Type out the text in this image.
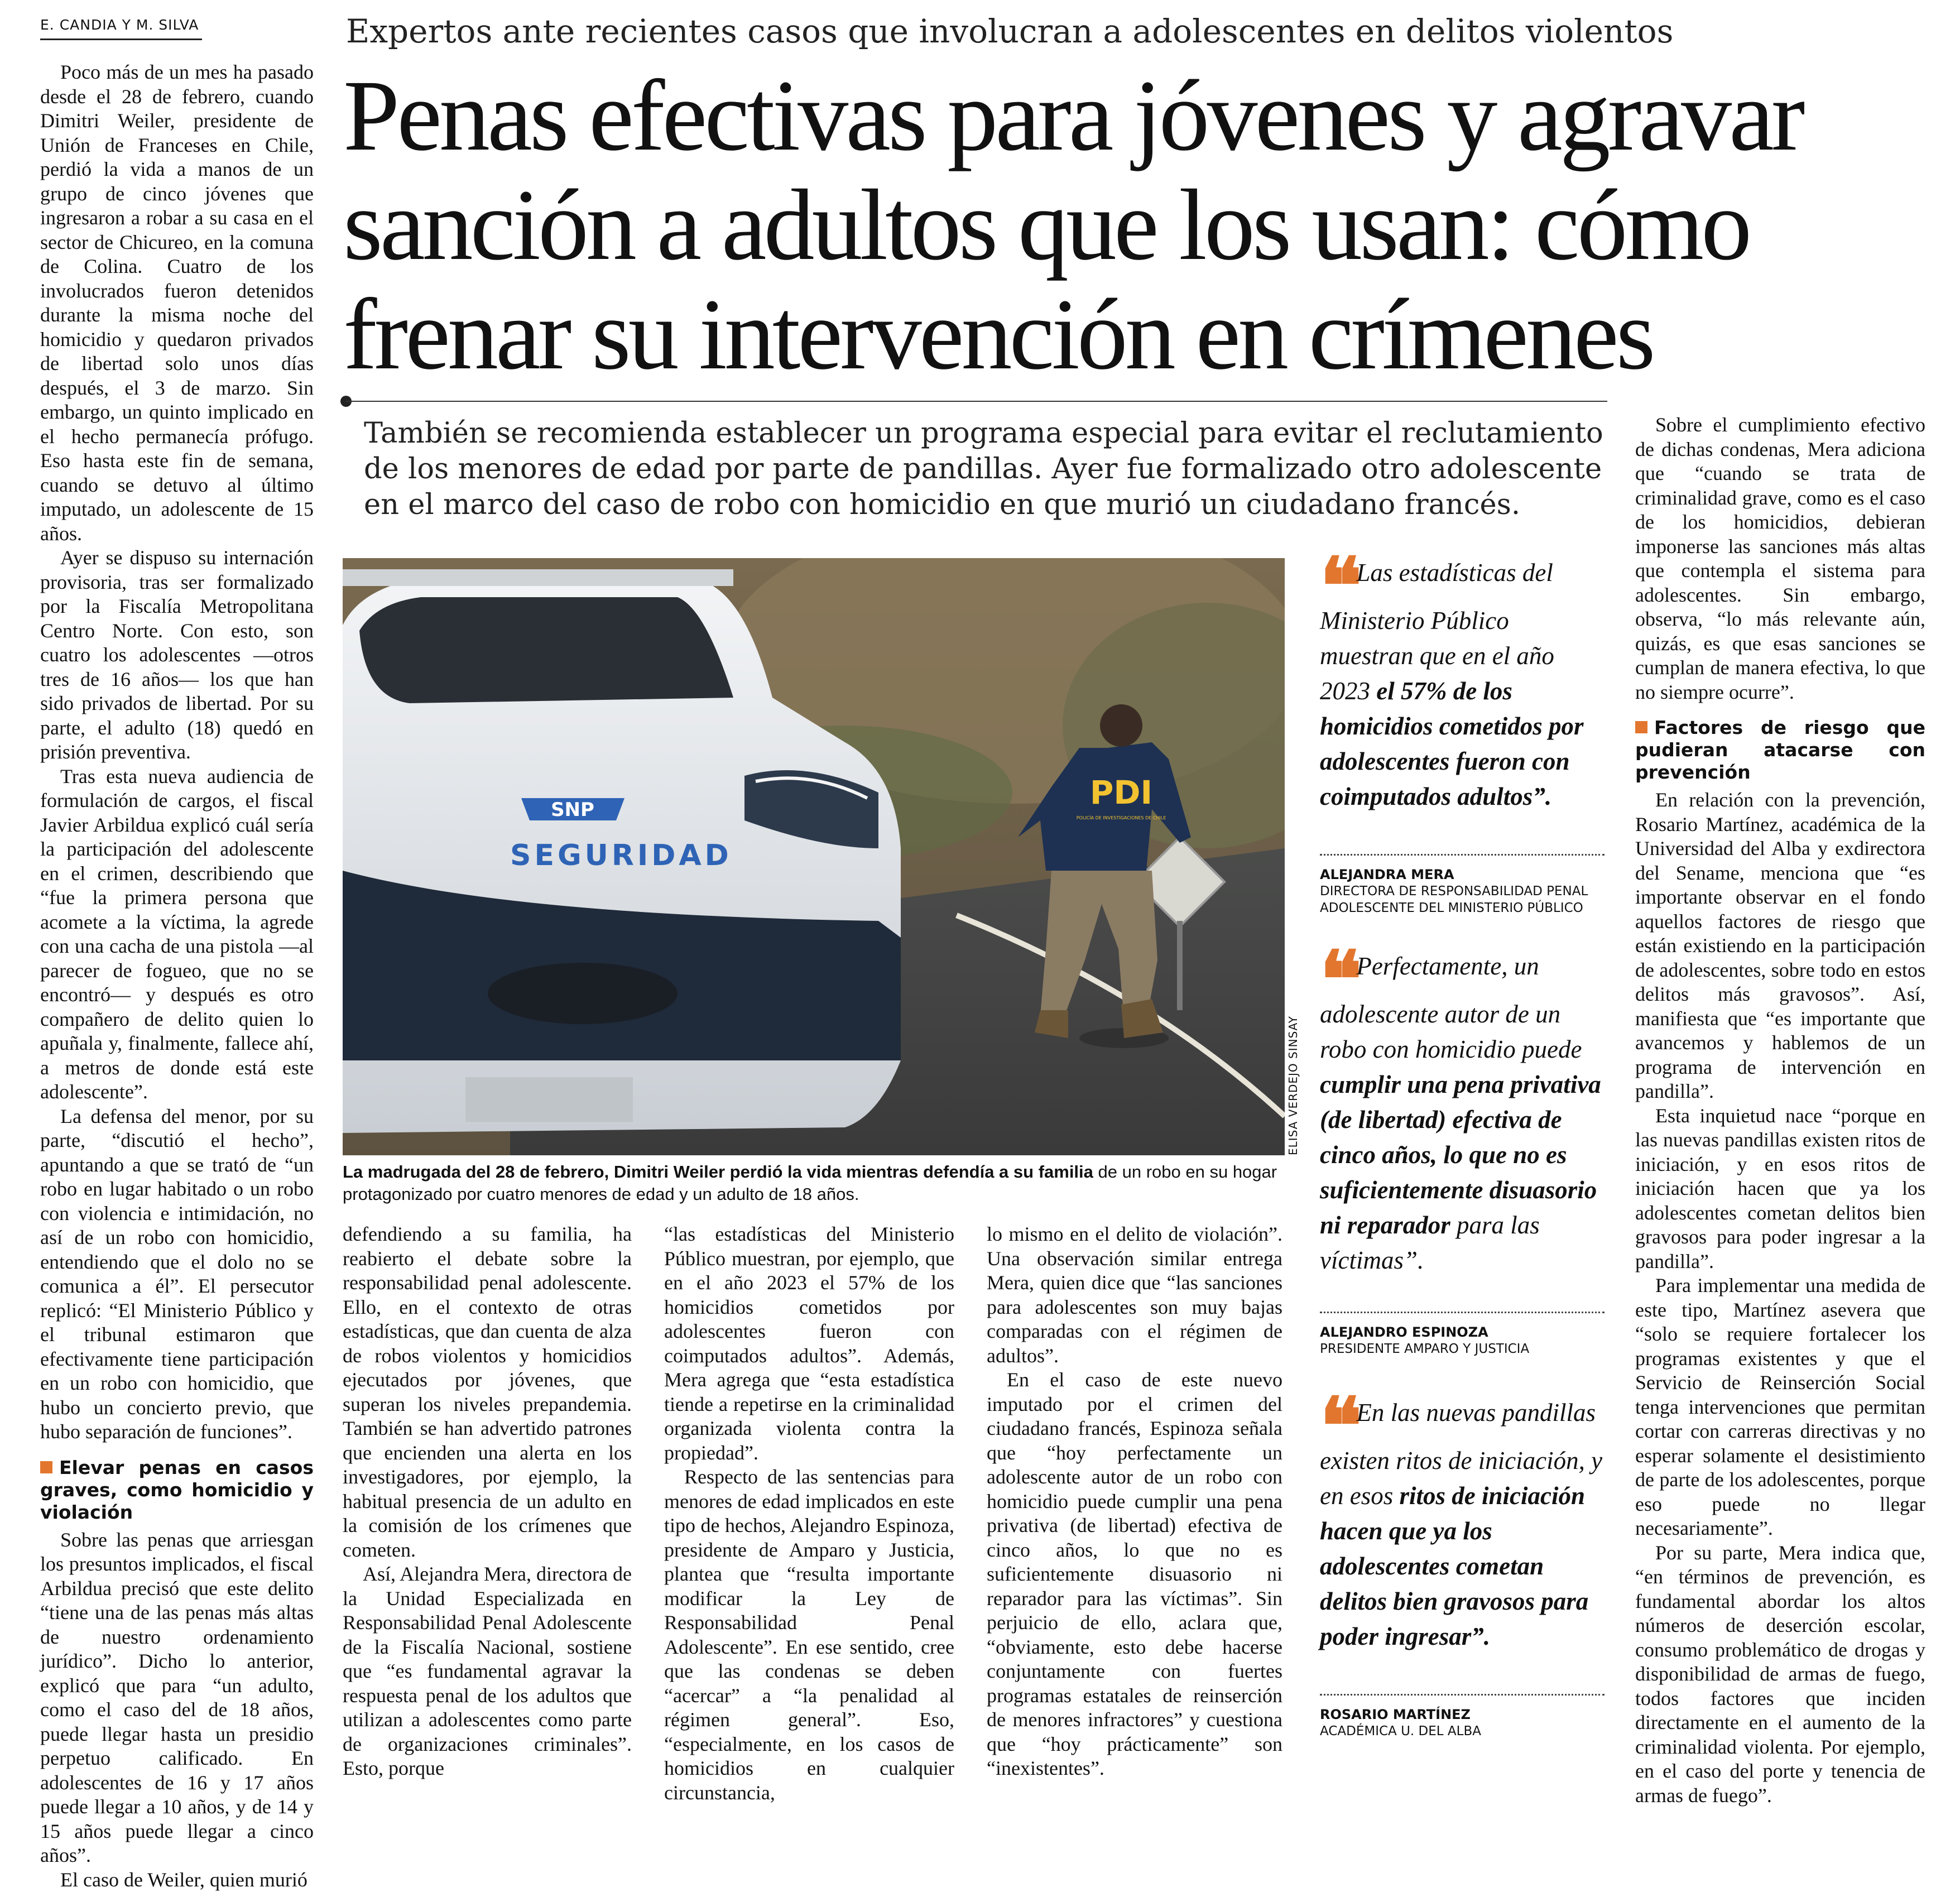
E. CANDIA Y M. SILVA

Poco más de un mes ha pasado desde el 28 de febrero, cuando Dimitri Weiler, presidente de Unión de Franceses en Chile, perdió la vida a manos de un grupo de cinco jóvenes que ingresaron a robar a su casa en el sector de Chicureo, en la comuna de Colina. Cuatro de los involucrados fueron detenidos durante la misma noche del homicidio y quedaron privados de libertad solo unos días después, el 3 de marzo. Sin embargo, un quinto implicado en el hecho permanecía prófugo. Eso hasta este fin de semana, cuando se detuvo al último imputado, un adolescente de 15 años.

Ayer se dispuso su internación provisoria, tras ser formalizado por la Fiscalía Metropolitana Centro Norte. Con esto, son cuatro los adolescentes —otros tres de 16 años— los que han sido privados de libertad. Por su parte, el adulto (18) quedó en prisión preventiva.

Tras esta nueva audiencia de formulación de cargos, el fiscal Javier Arbildua explicó cuál sería la participación del adolescente en el crimen, describiendo que “fue la primera persona que acomete a la víctima, la agrede con una cacha de una pistola —al parecer de fogueo, que no se encontró— y después es otro compañero de delito quien lo apuñala y, finalmente, fallece ahí, a metros de donde está este adolescente”.

La defensa del menor, por su parte, “discutió el hecho”, apuntando a que se trató de “un robo en lugar habitado o un robo con violencia e intimidación, no así de un robo con homicidio, entendiendo que el dolo no se comunica a él”. El persecutor replicó: “El Ministerio Público y el tribunal estimaron que efectivamente tiene participación en un robo con homicidio, que hubo un concierto previo, que hubo separación de funciones”.

Elevar penas en casos graves, como homicidio y violación

Sobre las penas que arriesgan los presuntos implicados, el fiscal Arbildua precisó que este delito “tiene una de las penas más altas de nuestro ordenamiento jurídico”. Dicho lo anterior, explicó que para “un adulto, como el caso del de 18 años, puede llegar hasta un presidio perpetuo calificado. En adolescentes de 16 y 17 años puede llegar a 10 años, y de 14 y 15 años puede llegar a cinco años”.

El caso de Weiler, quien murió

Expertos ante recientes casos que involucran a adolescentes en delitos violentos
Penas efectivas para jóvenes y agravar sanción a adultos que los usan: cómo frenar su intervención en crímenes
También se recomienda establecer un programa especial para evitar el reclutamiento de los menores de edad por parte de pandillas. Ayer fue formalizado otro adolescente en el marco del caso de robo con homicidio en que murió un ciudadano francés.
SNP
SEGURIDAD
PDI
POLICÍA DE INVESTIGACIONES DE CHILE
ELISA VERDEJO SINSAY
La madrugada del 28 de febrero, Dimitri Weiler perdió la vida mientras defendía a su familia de un robo en su hogar protagonizado por cuatro menores de edad y un adulto de 18 años.

defendiendo a su familia, ha reabierto el debate sobre la responsabilidad penal adolescente. Ello, en el contexto de otras estadísticas, que dan cuenta de alza de robos violentos y homicidios ejecutados por jóvenes, que superan los niveles prepandemia. También se han advertido patrones que encienden una alerta en los investigadores, por ejemplo, la habitual presencia de un adulto en la comisión de los crímenes que cometen.

Así, Alejandra Mera, directora de la Unidad Especializada en Responsabilidad Penal Adolescente de la Fiscalía Nacional, sostiene que “es fundamental agravar la respuesta penal de los adultos que utilizan a adolescentes como parte de organizaciones criminales”. Esto, porque

“las estadísticas del Ministerio Público muestran, por ejemplo, que en el año 2023 el 57% de los homicidios cometidos por adolescentes fueron con coimputados adultos”. Además, Mera agrega que “esta estadística tiende a repetirse en la criminalidad organizada violenta contra la propiedad”.

Respecto de las sentencias para menores de edad implicados en este tipo de hechos, Alejandro Espinoza, presidente de Amparo y Justicia, plantea que “resulta importante modificar la Ley de Responsabilidad Penal Adolescente”. En ese sentido, cree que las condenas se deben “acercar” a “la penalidad al régimen general”. Eso, “especialmente, en los casos de homicidios en cualquier circunstancia,

lo mismo en el delito de violación”. Una observación similar entrega Mera, quien dice que “las sanciones para adolescentes son muy bajas comparadas con el régimen de adultos”.

En el caso de este nuevo imputado por el crimen del ciudadano francés, Espinoza señala que “hoy perfectamente un adolescente autor de un robo con homicidio puede cumplir una pena privativa (de libertad) efectiva de cinco años, lo que no es suficientemente disuasorio ni reparador para las víctimas”. Sin perjuicio de ello, aclara que, “obviamente, esto debe hacerse conjuntamente con fuertes programas estatales de reinserción de menores infractores” y cuestiona que “hoy prácticamente” son “inexistentes”.

❝ Las estadísticas del Ministerio Público muestran que en el año 2023 el 57% de los homicidios cometidos por adolescentes fueron con coimputados adultos”.
ALEJANDRA MERA
DIRECTORA DE RESPONSABILIDAD PENAL ADOLESCENTE DEL MINISTERIO PÚBLICO
❝ Perfectamente, un adolescente autor de un robo con homicidio puede cumplir una pena privativa (de libertad) efectiva de cinco años, lo que no es suficientemente disuasorio ni reparador para las víctimas”.
ALEJANDRO ESPINOZA
PRESIDENTE AMPARO Y JUSTICIA
❝ En las nuevas pandillas existen ritos de iniciación, y en esos ritos de iniciación hacen que ya los adolescentes cometan delitos bien gravosos para poder ingresar”.
ROSARIO MARTÍNEZ
ACADÉMICA U. DEL ALBA

Sobre el cumplimiento efectivo de dichas condenas, Mera adiciona que “cuando se trata de criminalidad grave, como es el caso de los homicidios, debieran imponerse las sanciones más altas que contempla el sistema para adolescentes. Sin embargo, observa, “lo más relevante aún, quizás, es que esas sanciones se cumplan de manera efectiva, lo que no siempre ocurre”.

Factores de riesgo que pudieran atacarse con prevención

En relación con la prevención, Rosario Martínez, académica de la Universidad del Alba y exdirectora del Sename, menciona que “es importante observar en el fondo aquellos factores de riesgo que están existiendo en la participación de adolescentes, sobre todo en estos delitos más gravosos”. Así, manifiesta que “es importante que avancemos y hablemos de un programa de intervención en pandilla”.

Esta inquietud nace “porque en las nuevas pandillas existen ritos de iniciación, y en esos ritos de iniciación hacen que ya los adolescentes cometan delitos bien gravosos para poder ingresar a la pandilla”.

Para implementar una medida de este tipo, Martínez asevera que “solo se requiere fortalecer los programas existentes y que el Servicio de Reinserción Social tenga intervenciones que permitan cortar con carreras directivas y no esperar solamente el desistimiento de parte de los adolescentes, porque eso puede no llegar necesariamente”.

Por su parte, Mera indica que, “en términos de prevención, es fundamental abordar los altos números de deserción escolar, consumo problemático de drogas y disponibilidad de armas de fuego, todos factores que inciden directamente en el aumento de la criminalidad violenta. Por ejemplo, en el caso del porte y tenencia de armas de fuego”.
